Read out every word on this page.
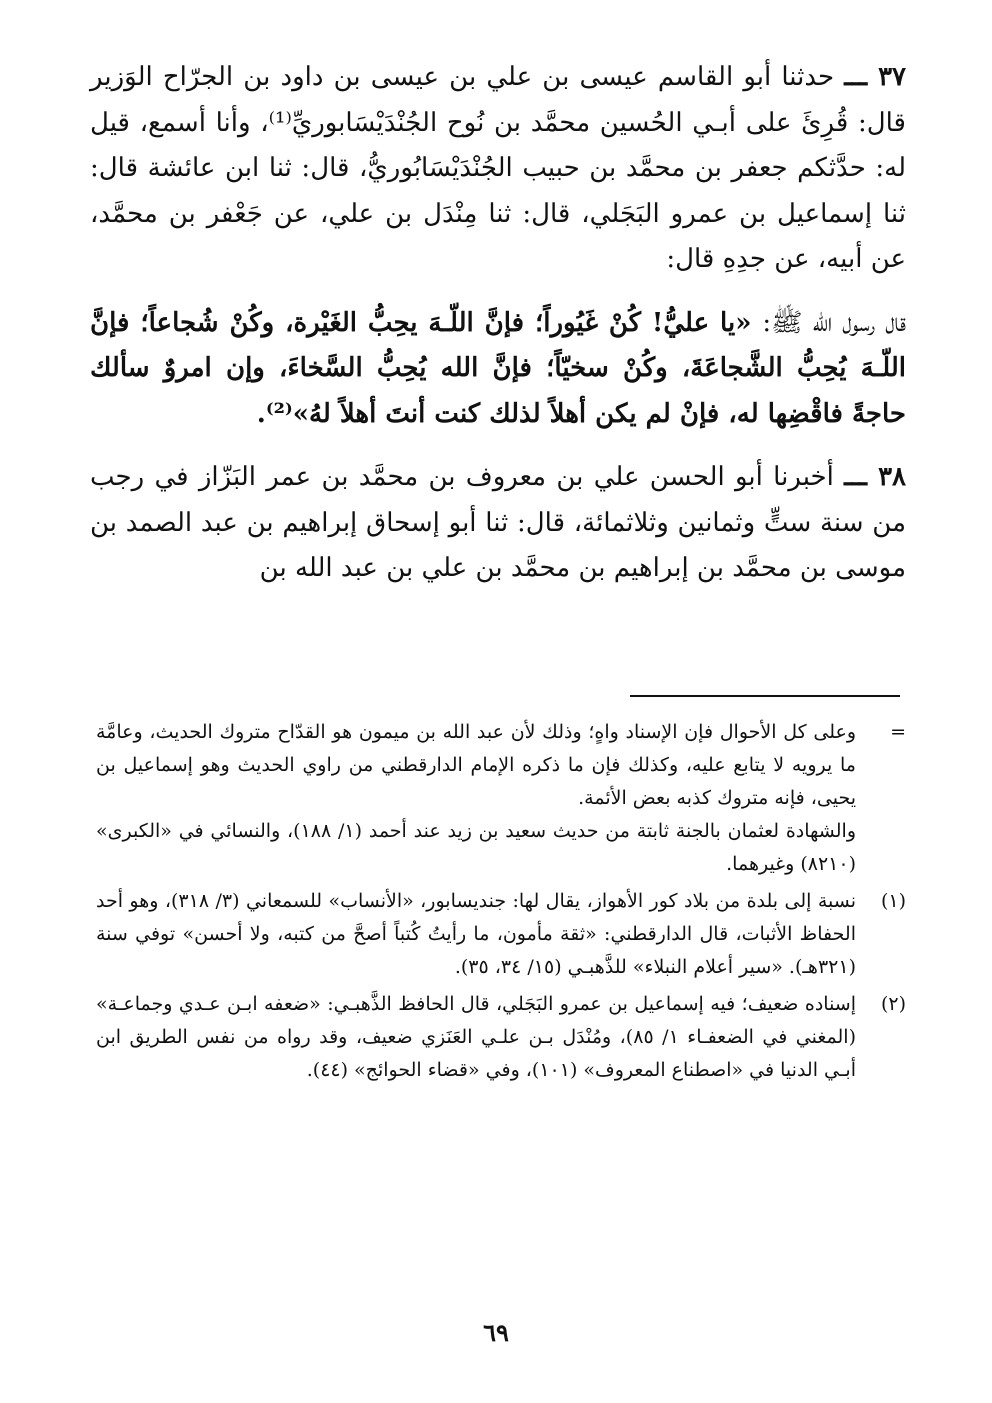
٣٧ ـــ حدثنا أبو القاسم عيسى بن علي بن عيسى بن داود بن الجرّاح الوَزير قال: قُرِئَ على أبـي الحُسين محمَّد بن نُوح الجُنْدَيْسَابوريِّ⁽¹⁾، وأنا أسمع، قيل له: حدَّثكم جعفر بن محمَّد بن حبيب الجُنْدَيْسَابُوريُّ، قال: ثنا ابن عائشة قال: ثنا إسماعيل بن عمرو البَجَلي، قال: ثنا مِنْدَل بن علي، عن جَعْفر بن محمَّد، عن أبيه، عن جدِهِ قال:

قال رسول الله ﷺ: «يا عليُّ! كُنْ غَيُوراً؛ فإنَّ اللّـهَ يحِبُّ الغَيْرة، وكُنْ شُجاعاً؛ فإنَّ اللّـهَ يُحِبُّ الشَّجاعَةَ، وكُنْ سخيّاً؛ فإنَّ الله يُحِبُّ السَّخاءَ، وإن امروٌ سألك حاجةً فاقْضِها له، فإنْ لم يكن أهلاً لذلك كنت أنتَ أهلاً لهُ»⁽²⁾.

٣٨ ـــ أخبرنا أبو الحسن علي بن معروف بن محمَّد بن عمر البَزّاز في رجب من سنة ستٍّ وثمانين وثلاثمائة، قال: ثنا أبو إسحاق إبراهيم بن عبد الصمد بن موسى بن محمَّد بن إبراهيم بن محمَّد بن علي بن عبد الله بن

=
وعلى كل الأحوال فإن الإسناد واهٍ؛ وذلك لأن عبد الله بن ميمون هو القدّاح متروك الحديث، وعامَّة ما يرويه لا يتابع عليه، وكذلك فإن ما ذكره الإمام الدارقطني من راوي الحديث وهو إسماعيل بن يحيى، فإنه متروك كذبه بعض الأئمة.
والشهادة لعثمان بالجنة ثابتة من حديث سعيد بن زيد عند أحمد (١/ ١٨٨)، والنسائي في «الكبرى» (٨٢١٠) وغيرهما.
(١)
نسبة إلى بلدة من بلاد كور الأهواز، يقال لها: جنديسابور، «الأنساب» للسمعاني (٣/ ٣١٨)، وهو أحد الحفاظ الأثبات، قال الدارقطني: «ثقة مأمون، ما رأيتُ كُتباً أصحَّ من كتبه، ولا أحسن» توفي سنة (٣٢١هـ). «سير أعلام النبلاء» للذَّهبـي (١٥/ ٣٤، ٣٥).
(٢)
إسناده ضعيف؛ فيه إسماعيل بن عمرو البَجَلي، قال الحافظ الذَّهبـي: «ضعفه ابـن عـدي وجماعـة» (المغني في الضعفـاء ١/ ٨٥)، ومُنْدَل بـن علـي العَنَزي ضعيف، وقد رواه من نفس الطريق ابن أبـي الدنيا في «اصطناع المعروف» (١٠١)، وفي «قضاء الحوائج» (٤٤).
٦٩
